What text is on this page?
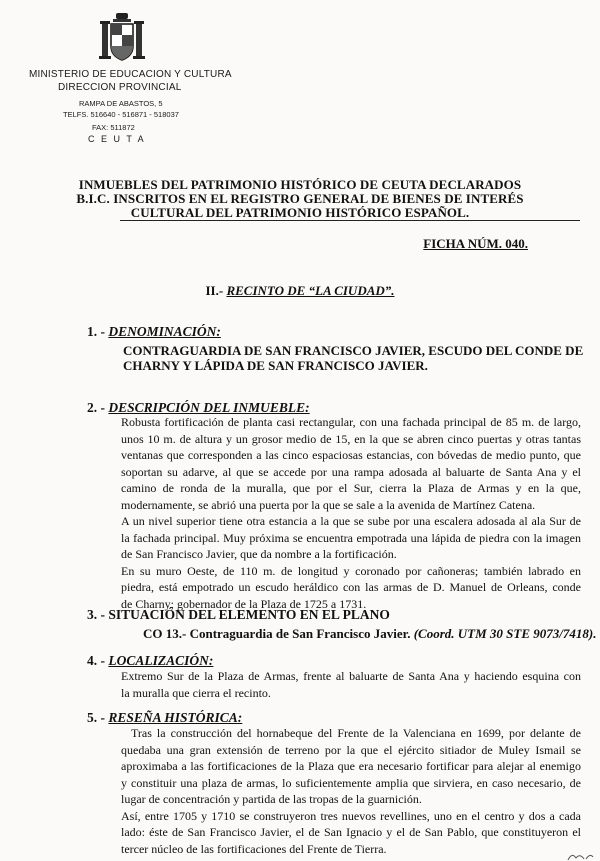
MINISTERIO DE EDUCACION Y CULTURA
DIRECCION PROVINCIAL
RAMPA DE ABASTOS, 5
TELFS. 516640 - 516871 - 518037
FAX: 511872
C E U T A
INMUEBLES DEL PATRIMONIO HISTÓRICO DE CEUTA DECLARADOS
B.I.C. INSCRITOS EN EL REGISTRO GENERAL DE BIENES DE INTERÉS
CULTURAL DEL PATRIMONIO HISTÓRICO ESPAÑOL.
FICHA NÚM. 040.
II.- RECINTO DE “LA CIUDAD”.
1. - DENOMINACIÓN:
CONTRAGUARDIA DE SAN FRANCISCO JAVIER, ESCUDO DEL CONDE DE
CHARNY Y LÁPIDA DE SAN FRANCISCO JAVIER.
2. - DESCRIPCIÓN DEL INMUEBLE:
Robusta fortificación de planta casi rectangular, con una fachada principal de 85 m. de largo,
unos 10 m. de altura y un grosor medio de 15, en la que se abren cinco puertas y otras tantas
ventanas que corresponden a las cinco espaciosas estancias, con bóvedas de medio punto, que
soportan su adarve, al que se accede por una rampa adosada al baluarte de Santa Ana y el
camino de ronda de la muralla, que por el Sur, cierra la Plaza de Armas y en la que,
modernamente, se abrió una puerta por la que se sale a la avenida de Martínez Catena.
A un nivel superior tiene otra estancia a la que se sube por una escalera adosada al ala Sur de
la fachada principal. Muy próxima se encuentra empotrada una lápida de piedra con la imagen
de San Francisco Javier, que da nombre a la fortificación.
En su muro Oeste, de 110 m. de longitud y coronado por cañoneras; también labrado en
piedra, está empotrado un escudo heráldico con las armas de D. Manuel de Orleans, conde
de Charny; gobernador de la Plaza de 1725 a 1731.
3. - SITUACIÓN DEL ELEMENTO EN EL PLANO
CO 13.- Contraguardia de San Francisco Javier. (Coord. UTM 30 STE 9073/7418).
4. - LOCALIZACIÓN:
Extremo Sur de la Plaza de Armas, frente al baluarte de Santa Ana y haciendo esquina con
la muralla que cierra el recinto.
5. - RESEÑA HISTÓRICA:
Tras la construcción del hornabeque del Frente de la Valenciana en 1699, por delante de
quedaba una gran extensión de terreno por la que el ejército sitiador de Muley Ismail se
aproximaba a las fortificaciones de la Plaza que era necesario fortificar para alejar al enemigo
y constituir una plaza de armas, lo suficientemente amplia que sirviera, en caso necesario, de
lugar de concentración y partida de las tropas de la guarnición.
Así, entre 1705 y 1710 se construyeron tres nuevos revellines, uno en el centro y dos a cada
lado: éste de San Francisco Javier, el de San Ignacio y el de San Pablo, que constituyeron el
tercer núcleo de las fortificaciones del Frente de Tierra.
